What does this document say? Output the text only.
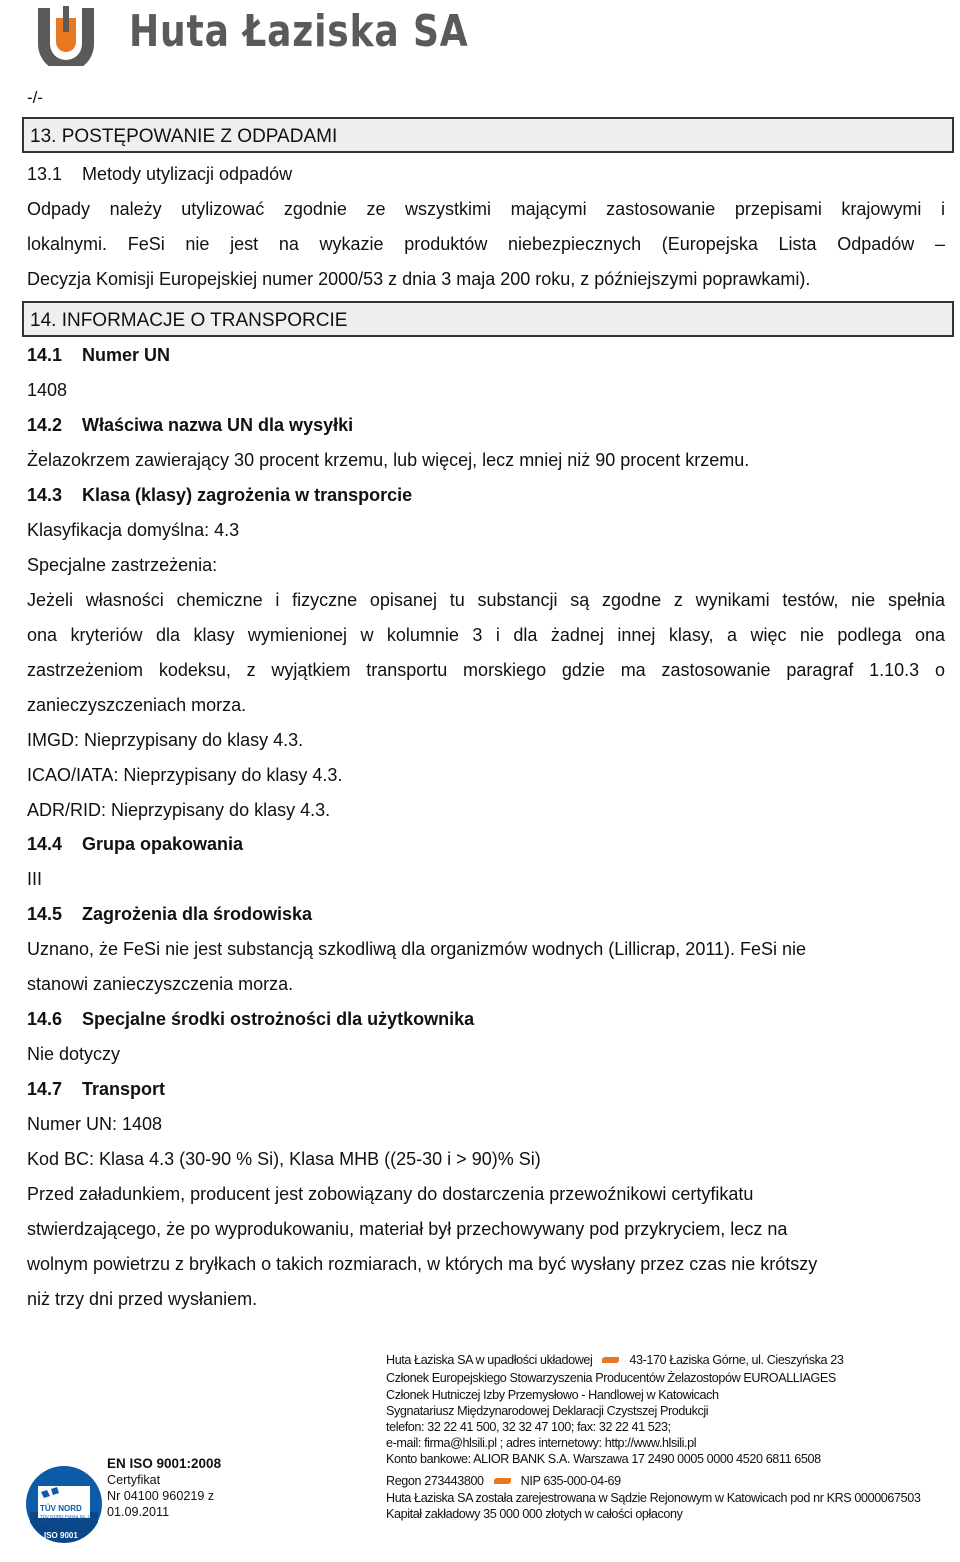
Huta Łaziska SA
-/-
13. POSTĘPOWANIE Z ODPADAMI
13.1 Metody utylizacji odpadów
Odpady należy utylizować zgodnie ze wszystkimi mającymi zastosowanie przepisami krajowymi i
lokalnymi. FeSi nie jest na wykazie produktów niebezpiecznych (Europejska Lista Odpadów –
Decyzja Komisji Europejskiej numer 2000/53 z dnia 3 maja 200 roku, z późniejszymi poprawkami).
14. INFORMACJE O TRANSPORCIE
14.1 Numer UN
1408
14.2 Właściwa nazwa UN dla wysyłki
Żelazokrzem zawierający 30 procent krzemu, lub więcej, lecz mniej niż 90 procent krzemu.
14.3 Klasa (klasy) zagrożenia w transporcie
Klasyfikacja domyślna: 4.3
Specjalne zastrzeżenia:
Jeżeli własności chemiczne i fizyczne opisanej tu substancji są zgodne z wynikami testów, nie spełnia
ona kryteriów dla klasy wymienionej w kolumnie 3 i dla żadnej innej klasy, a więc nie podlega ona
zastrzeżeniom kodeksu, z wyjątkiem transportu morskiego gdzie ma zastosowanie paragraf 1.10.3 o
zanieczyszczeniach morza.
IMGD: Nieprzypisany do klasy 4.3.
ICAO/IATA: Nieprzypisany do klasy 4.3.
ADR/RID: Nieprzypisany do klasy 4.3.
14.4 Grupa opakowania
III
14.5 Zagrożenia dla środowiska
Uznano, że FeSi nie jest substancją szkodliwą dla organizmów wodnych (Lillicrap, 2011). FeSi nie
stanowi zanieczyszczenia morza.
14.6 Specjalne środki ostrożności dla użytkownika
Nie dotyczy
14.7 Transport
Numer UN: 1408
Kod BC: Klasa 4.3 (30-90 % Si), Klasa MHB ((25-30 i > 90)% Si)
Przed załadunkiem, producent jest zobowiązany do dostarczenia przewoźnikowi certyfikatu
stwierdzającego, że po wyprodukowaniu, materiał był przechowywany pod przykryciem, lecz na
wolnym powietrzu z bryłkach o takich rozmiarach, w których ma być wysłany przez czas nie krótszy
niż trzy dni przed wysłaniem.
Huta Łaziska SA w upadłości układowej	43-170 Łaziska Górne, ul. Cieszyńska 23
Członek Europejskiego Stowarzyszenia Producentów Żelazostopów EUROALLIAGES
Członek Hutniczej Izby Przemysłowo - Handlowej w Katowicach
Sygnatariusz Międzynarodowej Deklaracji Czystszej Produkcji
telefon: 32 22 41 500, 32 32 47 100; fax: 32 22 41 523;
e-mail: firma@hlsili.pl ; adres internetowy: http://www.hlsili.pl
Konto bankowe: ALIOR BANK S.A. Warszawa 17 2490 0005 0000 4520 6811 6508
Regon 273443800	NIP 635-000-04-69
Huta Łaziska SA została zarejestrowana w Sądzie Rejonowym w Katowicach pod nr KRS 0000067503
Kapitał zakładowy 35 000 000 złotych w całości opłacony
TÜV NORD
TÜV NORD Polska Sp. z o.o.
ISO 9001
EN ISO 9001:2008
Certyfikat
Nr 04100 960219 z
01.09.2011
